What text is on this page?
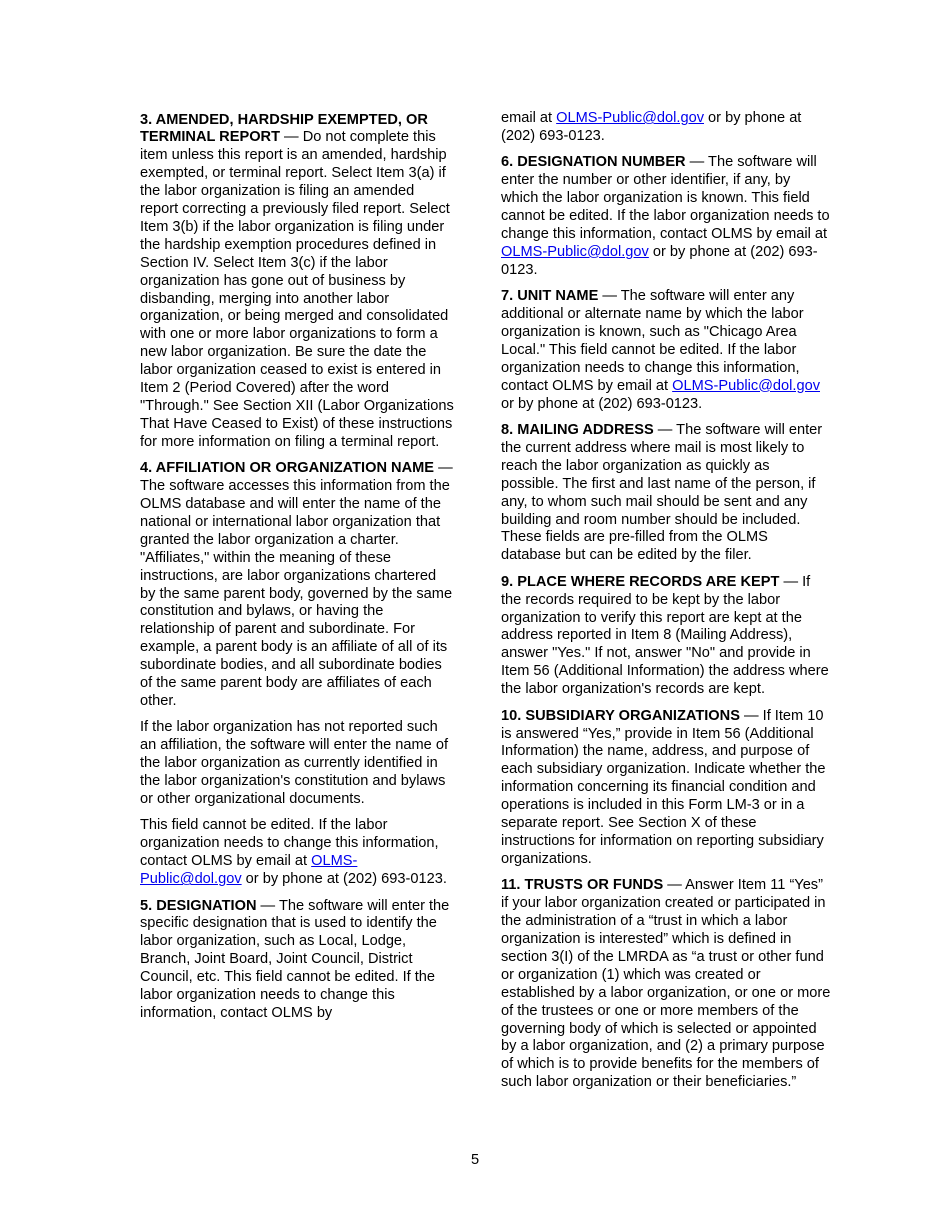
3. AMENDED, HARDSHIP EXEMPTED, OR TERMINAL REPORT — Do not complete this item unless this report is an amended, hardship exempted, or terminal report. Select Item 3(a) if the labor organization is filing an amended report correcting a previously filed report. Select Item 3(b) if the labor organization is filing under the hardship exemption procedures defined in Section IV. Select Item 3(c) if the labor organization has gone out of business by disbanding, merging into another labor organization, or being merged and consolidated with one or more labor organizations to form a new labor organization. Be sure the date the labor organization ceased to exist is entered in Item 2 (Period Covered) after the word "Through." See Section XII (Labor Organizations That Have Ceased to Exist) of these instructions for more information on filing a terminal report.

4. AFFILIATION OR ORGANIZATION NAME — The software accesses this information from the OLMS database and will enter the name of the national or international labor organization that granted the labor organization a charter. "Affiliates," within the meaning of these instructions, are labor organizations chartered by the same parent body, governed by the same constitution and bylaws, or having the relationship of parent and subordinate. For example, a parent body is an affiliate of all of its subordinate bodies, and all subordinate bodies of the same parent body are affiliates of each other.

If the labor organization has not reported such an affiliation, the software will enter the name of the labor organization as currently identified in the labor organization's constitution and bylaws or other organizational documents.

This field cannot be edited. If the labor organization needs to change this information, contact OLMS by email at OLMS-Public@dol.gov or by phone at (202) 693-0123.

5. DESIGNATION — The software will enter the specific designation that is used to identify the labor organization, such as Local, Lodge, Branch, Joint Board, Joint Council, District Council, etc. This field cannot be edited. If the labor organization needs to change this information, contact OLMS by

email at OLMS-Public@dol.gov or by phone at (202) 693-0123.

6. DESIGNATION NUMBER — The software will enter the number or other identifier, if any, by which the labor organization is known. This field cannot be edited. If the labor organization needs to change this information, contact OLMS by email at OLMS-Public@dol.gov or by phone at (202) 693-0123.

7. UNIT NAME — The software will enter any additional or alternate name by which the labor organization is known, such as "Chicago Area Local." This field cannot be edited. If the labor organization needs to change this information, contact OLMS by email at OLMS-Public@dol.gov or by phone at (202) 693-0123.

8. MAILING ADDRESS — The software will enter the current address where mail is most likely to reach the labor organization as quickly as possible. The first and last name of the person, if any, to whom such mail should be sent and any building and room number should be included. These fields are pre-filled from the OLMS database but can be edited by the filer.

9. PLACE WHERE RECORDS ARE KEPT — If the records required to be kept by the labor organization to verify this report are kept at the address reported in Item 8 (Mailing Address), answer "Yes." If not, answer "No" and provide in Item 56 (Additional Information) the address where the labor organization's records are kept.

10. SUBSIDIARY ORGANIZATIONS — If Item 10 is answered “Yes,” provide in Item 56 (Additional Information) the name, address, and purpose of each subsidiary organization. Indicate whether the information concerning its financial condition and operations is included in this Form LM-3 or in a separate report. See Section X of these instructions for information on reporting subsidiary organizations.

11. TRUSTS OR FUNDS — Answer Item 11 “Yes” if your labor organization created or participated in the administration of a “trust in which a labor organization is interested” which is defined in section 3(I) of the LMRDA as “a trust or other fund or organization (1) which was created or established by a labor organization, or one or more of the trustees or one or more members of the governing body of which is selected or appointed by a labor organization, and (2) a primary purpose of which is to provide benefits for the members of such labor organization or their beneficiaries.”

5
